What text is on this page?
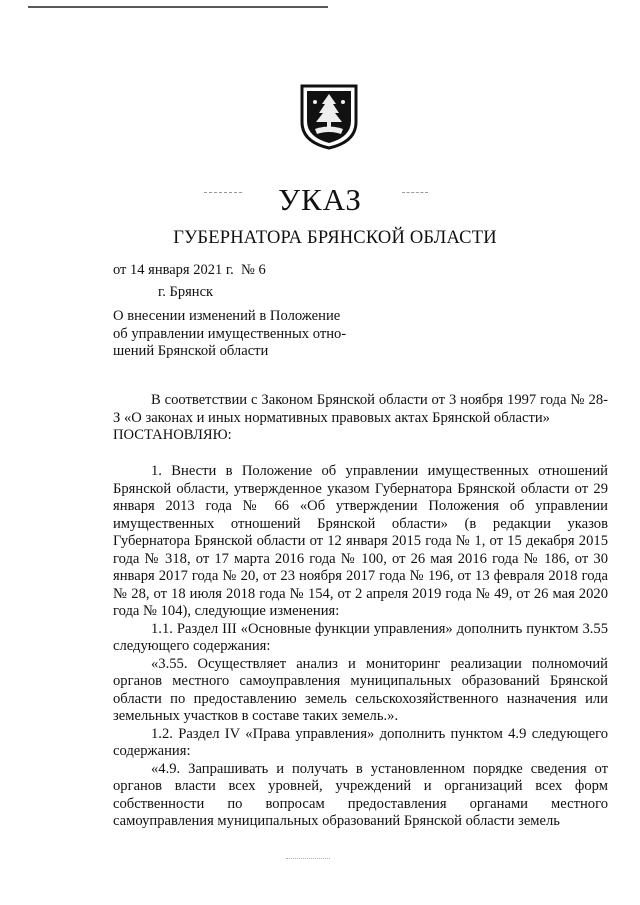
УКАЗ
ГУБЕРНАТОРА БРЯНСКОЙ ОБЛАСТИ
от 14 января 2021 г.  № 6
г. Брянск
О внесении изменений в Положение
об управлении имущественных отно-
шений Брянской области

В соответствии с Законом Брянской области от 3 ноября 1997 года № 28-З «О законах и иных нормативных правовых актах Брянской области»

ПОСТАНОВЛЯЮ:

1. Внести в Положение об управлении имущественных отношений Брянской области, утвержденное указом Губернатора Брянской области от 29 января 2013 года № 66 «Об утверждении Положения об управлении имущественных отношений Брянской области» (в редакции указов Губернатора Брянской области от 12 января 2015 года № 1, от 15 декабря 2015 года № 318, от 17 марта 2016 года № 100, от 26 мая 2016 года № 186, от 30 января 2017 года № 20, от 23 ноября 2017 года № 196, от 13 февраля 2018 года № 28, от 18 июля 2018 года № 154, от 2 апреля 2019 года № 49, от 26 мая 2020 года № 104), следующие изменения:

1.1. Раздел III «Основные функции управления» дополнить пунктом 3.55 следующего содержания:

«3.55. Осуществляет анализ и мониторинг реализации полномочий органов местного самоуправления муниципальных образований Брянской области по предоставлению земель сельскохозяйственного назначения или земельных участков в составе таких земель.».

1.2. Раздел IV «Права управления» дополнить пунктом 4.9 следующего содержания:

«4.9. Запрашивать и получать в установленном порядке сведения от органов власти всех уровней, учреждений и организаций всех форм собственности по вопросам предоставления органами местного самоуправления муниципальных образований Брянской области земель
